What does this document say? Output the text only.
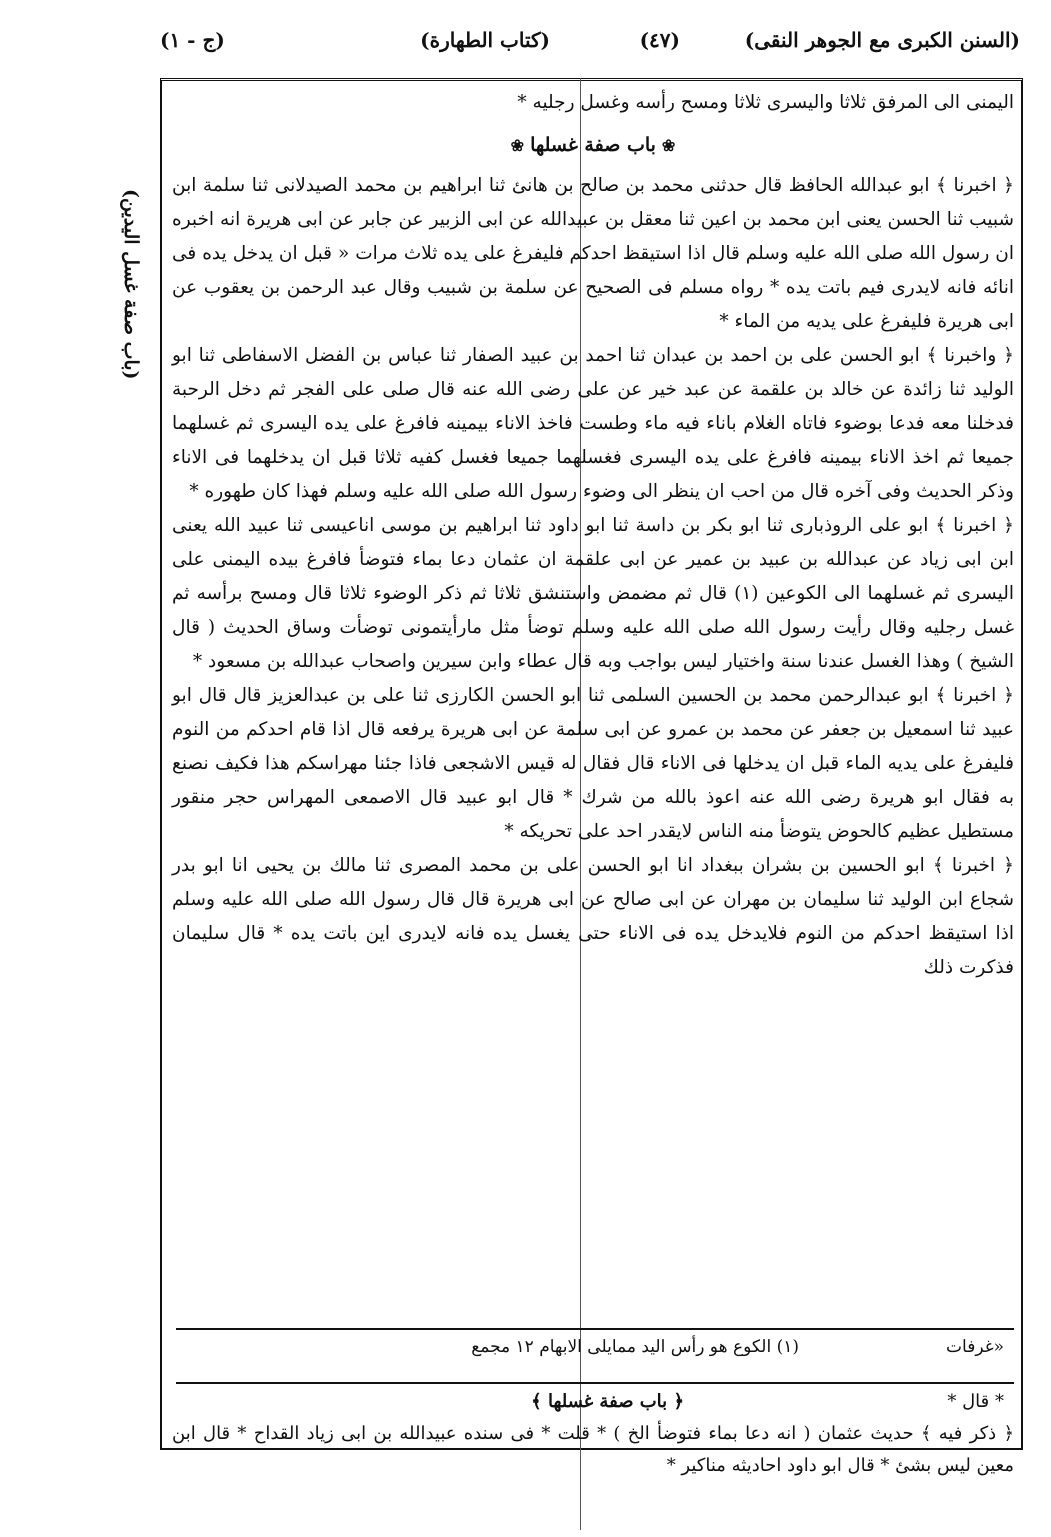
(السنن الكبرى مع الجوهر النقى)
(٤٧)
(كتاب الطهارة)
(ج - ١)
(باب صفة غسل اليدين)

اليمنى الى المرفق ثلاثا واليسرى ثلاثا ومسح رأسه وغسل رجليه *

❀باب صفة غسلها❀

﴿ اخبرنا ﴾ ابو عبدالله الحافظ قال حدثنى محمد بن صالح بن هانئ ثنا ابراهيم بن محمد الصيدلانى ثنا سلمة ابن شبيب ثنا الحسن يعنى ابن محمد بن اعين ثنا معقل بن عبيدالله عن ابى الزبير عن جابر عن ابى هريرة انه اخبره ان رسول الله صلى الله عليه وسلم قال اذا استيقظ احدكم فليفرغ على يده ثلاث مرات « قبل ان يدخل يده فى انائه فانه لايدرى فيم باتت يده * رواه مسلم فى الصحيح عن سلمة بن شبيب وقال عبد الرحمن بن يعقوب عن ابى هريرة فليفرغ على يديه من الماء *

﴿ واخبرنا ﴾ ابو الحسن على بن احمد بن عبدان ثنا احمد بن عبيد الصفار ثنا عباس بن الفضل الاسفاطى ثنا ابو الوليد ثنا زائدة عن خالد بن علقمة عن عبد خير عن على رضى الله عنه قال صلى على الفجر ثم دخل الرحبة فدخلنا معه فدعا بوضوء فاتاه الغلام باناء فيه ماء وطست فاخذ الاناء بيمينه فافرغ على يده اليسرى ثم غسلهما جميعا ثم اخذ الاناء بيمينه فافرغ على يده اليسرى فغسلهما جميعا فغسل كفيه ثلاثا قبل ان يدخلهما فى الاناء وذكر الحديث وفى آخره قال من احب ان ينظر الى وضوء رسول الله صلى الله عليه وسلم فهذا كان طهوره *

﴿ اخبرنا ﴾ ابو على الروذبارى ثنا ابو بكر بن داسة ثنا ابو داود ثنا ابراهيم بن موسى اناعيسى ثنا عبيد الله يعنى ابن ابى زياد عن عبدالله بن عبيد بن عمير عن ابى علقمة ان عثمان دعا بماء فتوضأ فافرغ بيده اليمنى على اليسرى ثم غسلهما الى الكوعين (١) قال ثم مضمض واستنشق ثلاثا ثم ذكر الوضوء ثلاثا قال ومسح برأسه ثم غسل رجليه وقال رأيت رسول الله صلى الله عليه وسلم توضأ مثل مارأيتمونى توضأت وساق الحديث ( قال الشيخ ) وهذا الغسل عندنا سنة واختيار ليس بواجب وبه قال عطاء وابن سيرين واصحاب عبدالله بن مسعود *

﴿ اخبرنا ﴾ ابو عبدالرحمن محمد بن الحسين السلمى ثنا ابو الحسن الكارزى ثنا على بن عبدالعزيز قال قال ابو عبيد ثنا اسمعيل بن جعفر عن محمد بن عمرو عن ابى سلمة عن ابى هريرة يرفعه قال اذا قام احدكم من النوم فليفرغ على يديه الماء قبل ان يدخلها فى الاناء قال فقال له قيس الاشجعى فاذا جئنا مهراسكم هذا فكيف نصنع به فقال ابو هريرة رضى الله عنه اعوذ بالله من شرك * قال ابو عبيد قال الاصمعى المهراس حجر منقور مستطيل عظيم كالحوض يتوضأ منه الناس لايقدر احد على تحريكه *

﴿ اخبرنا ﴾ ابو الحسين بن بشران ببغداد انا ابو الحسن على بن محمد المصرى ثنا مالك بن يحيى انا ابو بدر شجاع ابن الوليد ثنا سليمان بن مهران عن ابى صالح عن ابى هريرة قال قال رسول الله صلى الله عليه وسلم اذا استيقظ احدكم من النوم فلايدخل يده فى الاناء حتى يغسل يده فانه لايدرى اين باتت يده * قال سليمان فذكرت ذلك

«غرفات
(١) الكوع هو رأس اليد ممايلى الابهام ١٢ مجمع
* قال *
﴿ باب صفة غسلها ﴾

﴿ ذكر فيه ﴾ حديث عثمان ( انه دعا بماء فتوضأ الخ ) * قلت * فى سنده عبيدالله بن ابى زياد القداح * قال ابن معين ليس بشئ * قال ابو داود احاديثه مناكير *
